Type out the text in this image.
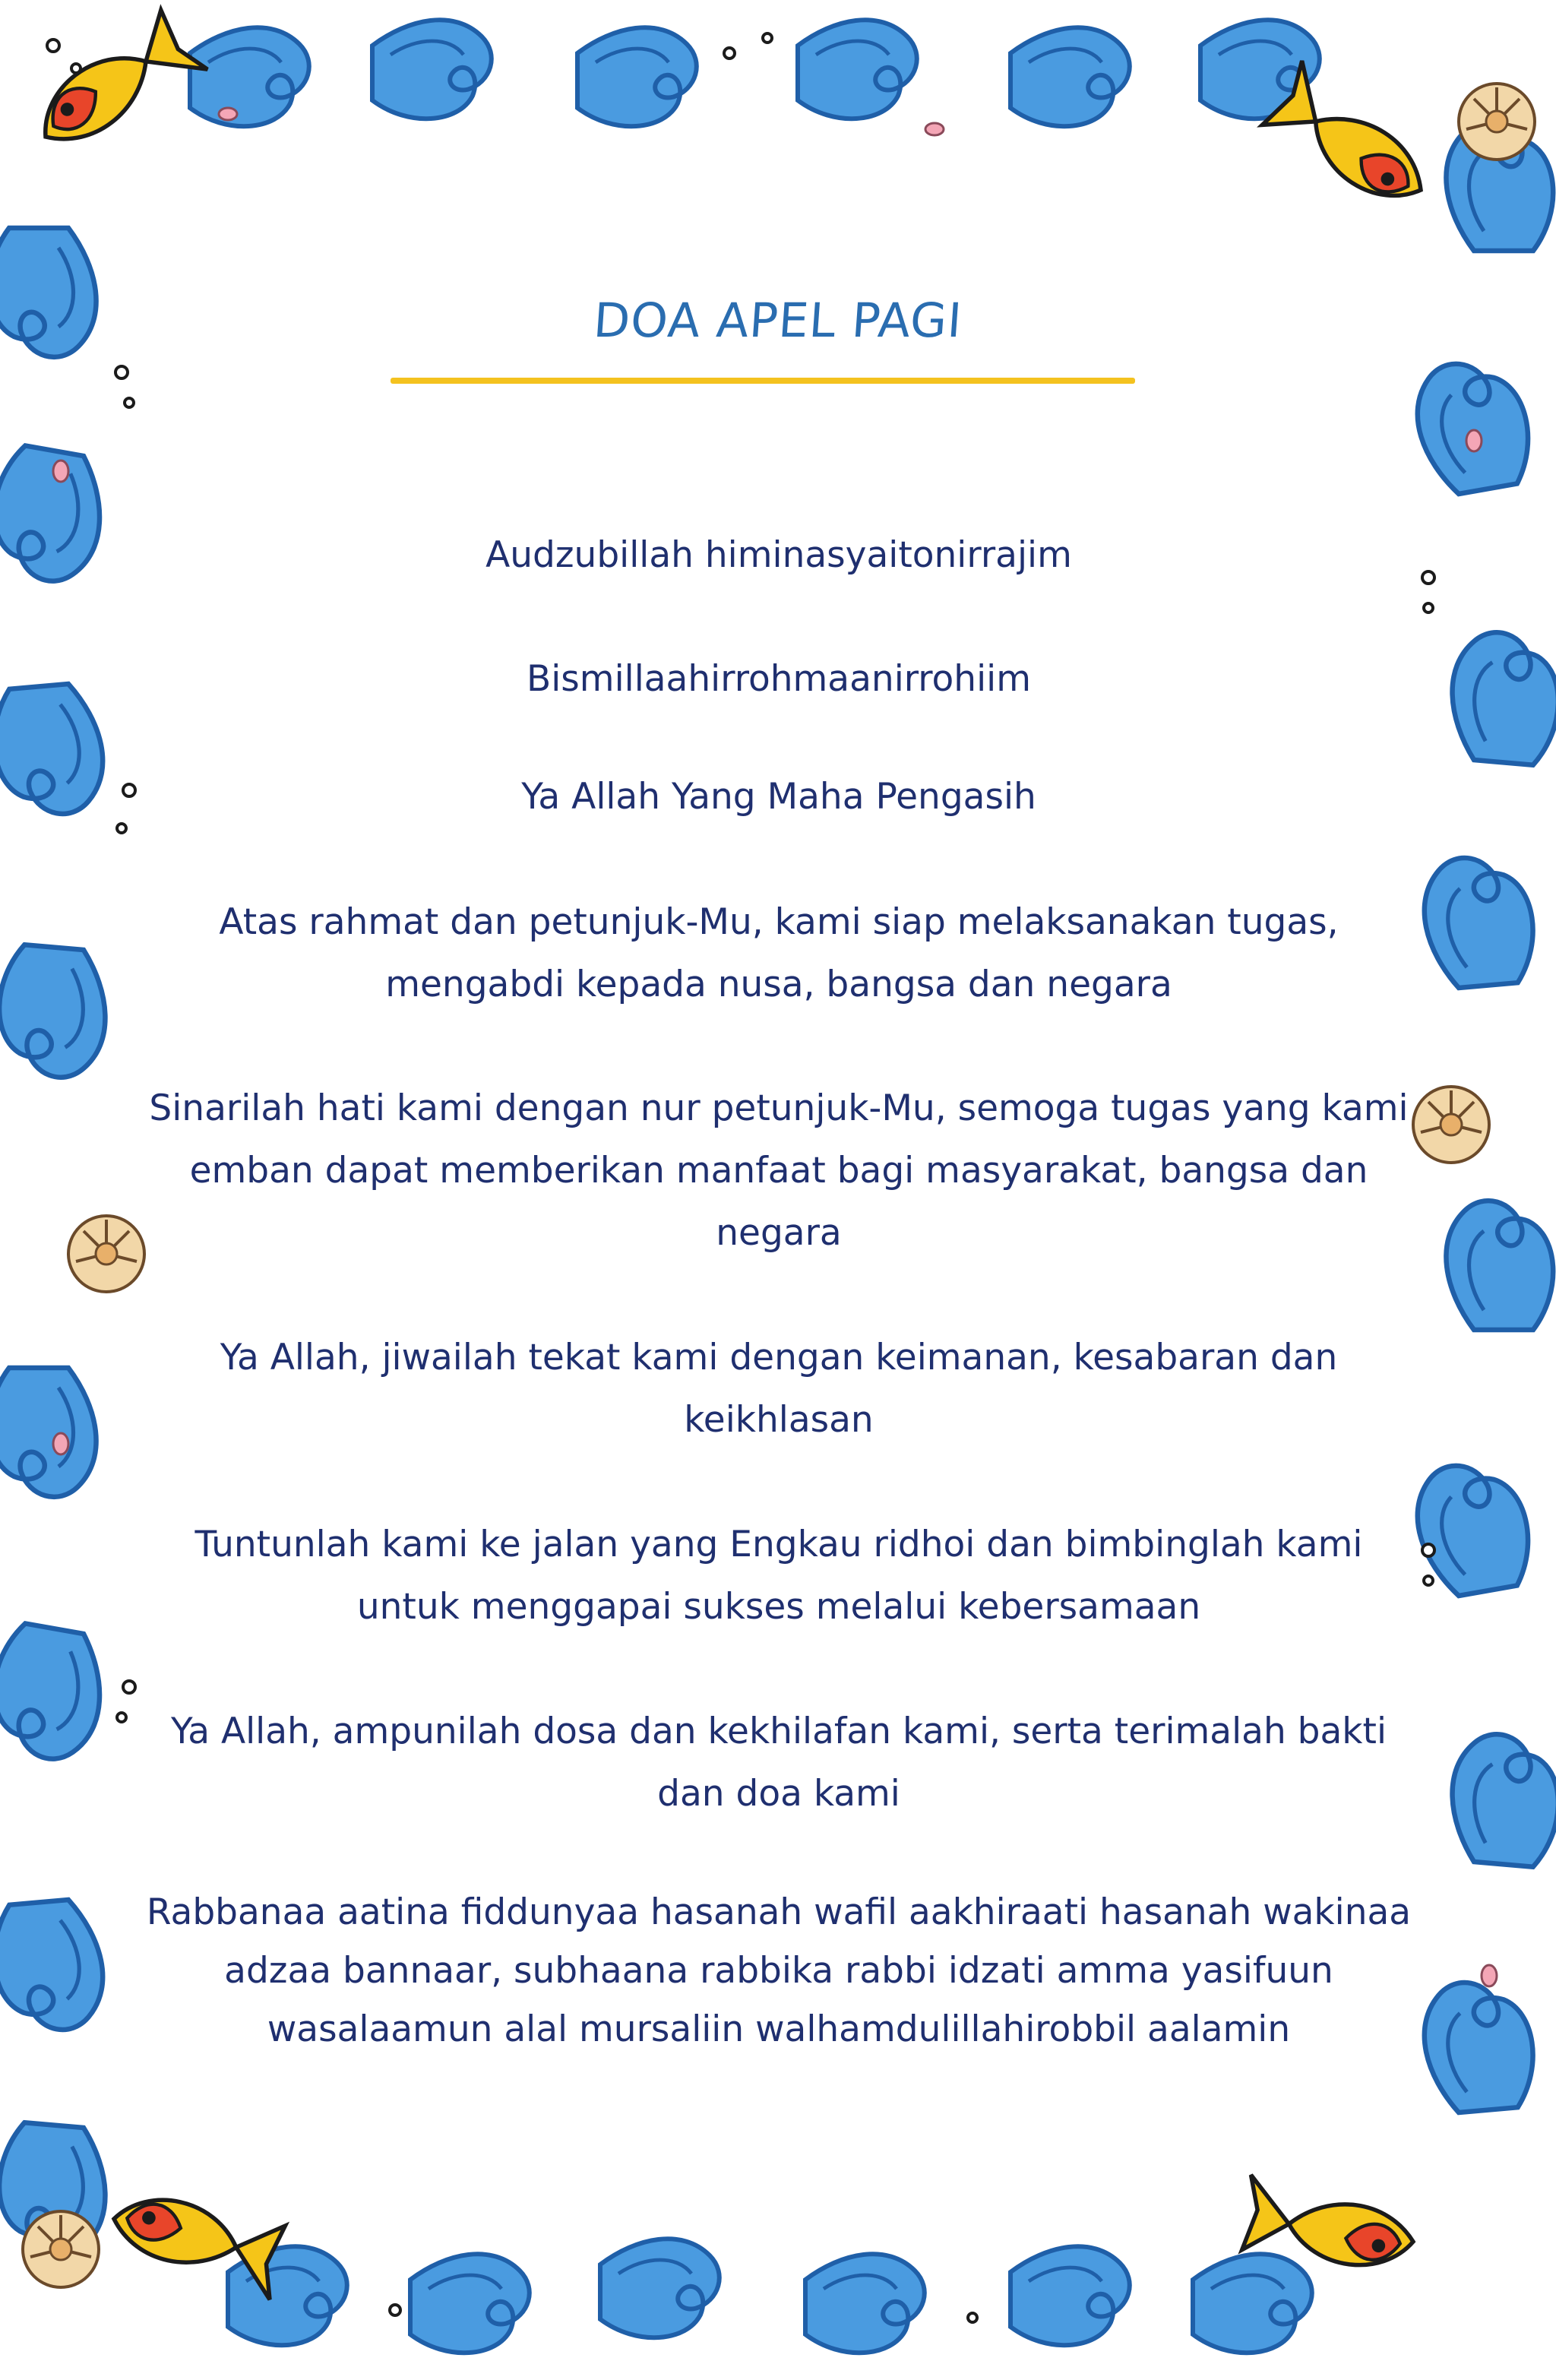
DOA APEL PAGI
Audzubillah himinasyaitonirrajim
Bismillaahirrohmaanirrohiim
Ya Allah Yang Maha Pengasih
Atas rahmat dan petunjuk-Mu, kami siap melaksanakan tugas,
mengabdi kepada nusa, bangsa dan negara
Sinarilah hati kami dengan nur petunjuk-Mu, semoga tugas yang kami
emban dapat memberikan manfaat bagi masyarakat, bangsa dan
negara
Ya Allah, jiwailah tekat kami dengan keimanan, kesabaran dan
keikhlasan
Tuntunlah kami ke jalan yang Engkau ridhoi dan bimbinglah kami
untuk menggapai sukses melalui kebersamaan
Ya Allah, ampunilah dosa dan kekhilafan kami, serta terimalah bakti
dan doa kami
Rabbanaa aatina fiddunyaa hasanah wafil aakhiraati hasanah wakinaa
adzaa bannaar, subhaana rabbika rabbi idzati amma yasifuun
wasalaamun alal mursaliin walhamdulillahirobbil aalamin
